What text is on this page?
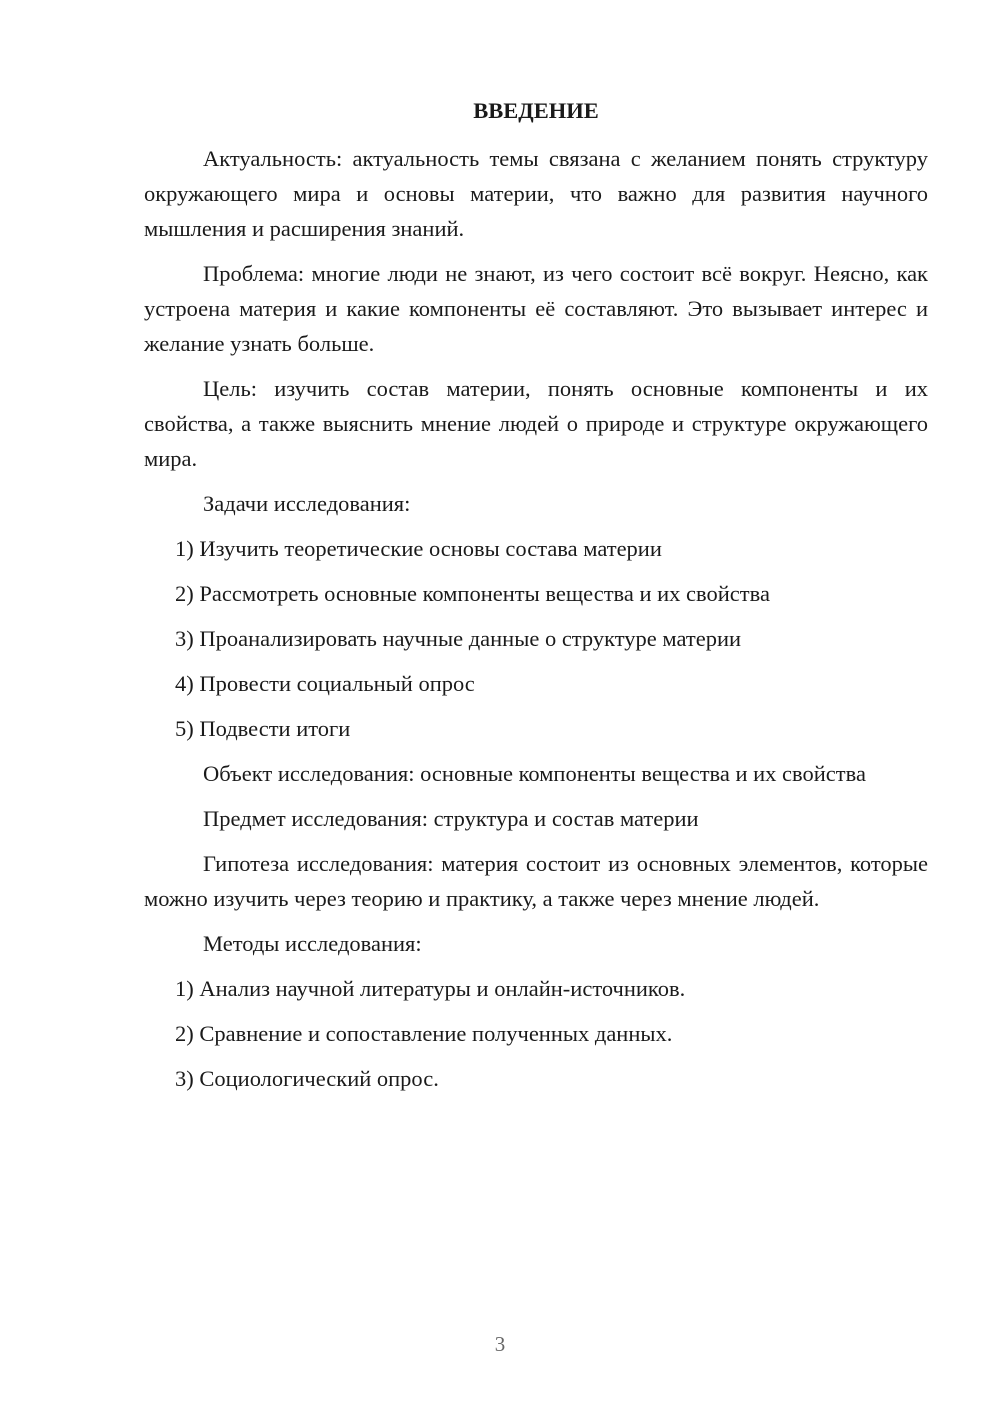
ВВЕДЕНИЕ

Актуальность: актуальность темы связана с желанием понять структуру окружающего мира и основы материи, что важно для развития научного мышления и расширения знаний.

Проблема: многие люди не знают, из чего состоит всё вокруг. Неясно, как устроена материя и какие компоненты её составляют. Это вызывает интерес и желание узнать больше.

Цель: изучить состав материи, понять основные компоненты и их свойства, а также выяснить мнение людей о природе и структуре окружающего мира.

Задачи исследования:

1) Изучить теоретические основы состава материи
2) Рассмотреть основные компоненты вещества и их свойства
3) Проанализировать научные данные о структуре материи
4) Провести социальный опрос
5) Подвести итоги

Объект исследования: основные компоненты вещества и их свойства

Предмет исследования: структура и состав материи

Гипотеза исследования: материя состоит из основных элементов, которые можно изучить через теорию и практику, а также через мнение людей.

Методы исследования:

1) Анализ научной литературы и онлайн-источников.
2) Сравнение и сопоставление полученных данных.
3) Социологический опрос.
3
